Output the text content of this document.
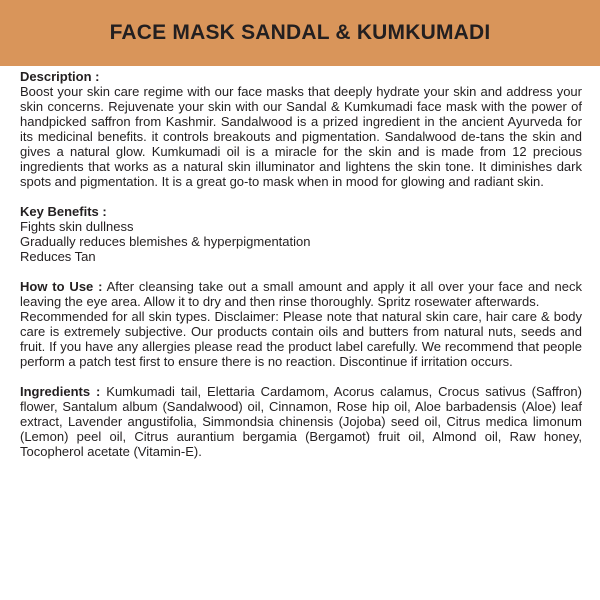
FACE MASK SANDAL & KUMKUMADI
Description :

Boost your skin care regime with our face masks that deeply hydrate your skin and address your skin concerns. Rejuvenate your skin with our Sandal & Kumkumadi face mask with the power of handpicked saffron from Kashmir. Sandalwood is a prized ingredient in the ancient Ayurveda for its medicinal benefits. it controls breakouts and pigmentation. Sandalwood de-tans the skin and gives a natural glow. Kumkumadi oil is a miracle for the skin and is made from 12 precious ingredients that works as a natural skin illuminator and lightens the skin tone. It diminishes dark spots and pigmentation. It is a great go-to mask when in mood for glowing and radiant skin.

Key Benefits :
Fights skin dullness
Gradually reduces blemishes & hyperpigmentation
Reduces Tan

How to Use : After cleansing take out a small amount and apply it all over your face and neck leaving the eye area. Allow it to dry and then rinse thoroughly. Spritz rosewater afterwards.

Recommended for all skin types. Disclaimer: Please note that natural skin care, hair care & body care is extremely subjective. Our products contain oils and butters from natural nuts, seeds and fruit. If you have any allergies please read the product label carefully. We recommend that people perform a patch test first to ensure there is no reaction. Discontinue if irritation occurs.

Ingredients : Kumkumadi tail, Elettaria Cardamom, Acorus calamus, Crocus sativus (Saffron) flower, Santalum album (Sandalwood) oil, Cinnamon, Rose hip oil, Aloe barbadensis (Aloe) leaf extract, Lavender angustifolia, Simmondsia chinensis (Jojoba) seed oil, Citrus medica limonum (Lemon) peel oil, Citrus aurantium bergamia (Bergamot) fruit oil, Almond oil, Raw honey, Tocopherol acetate (Vitamin-E).
